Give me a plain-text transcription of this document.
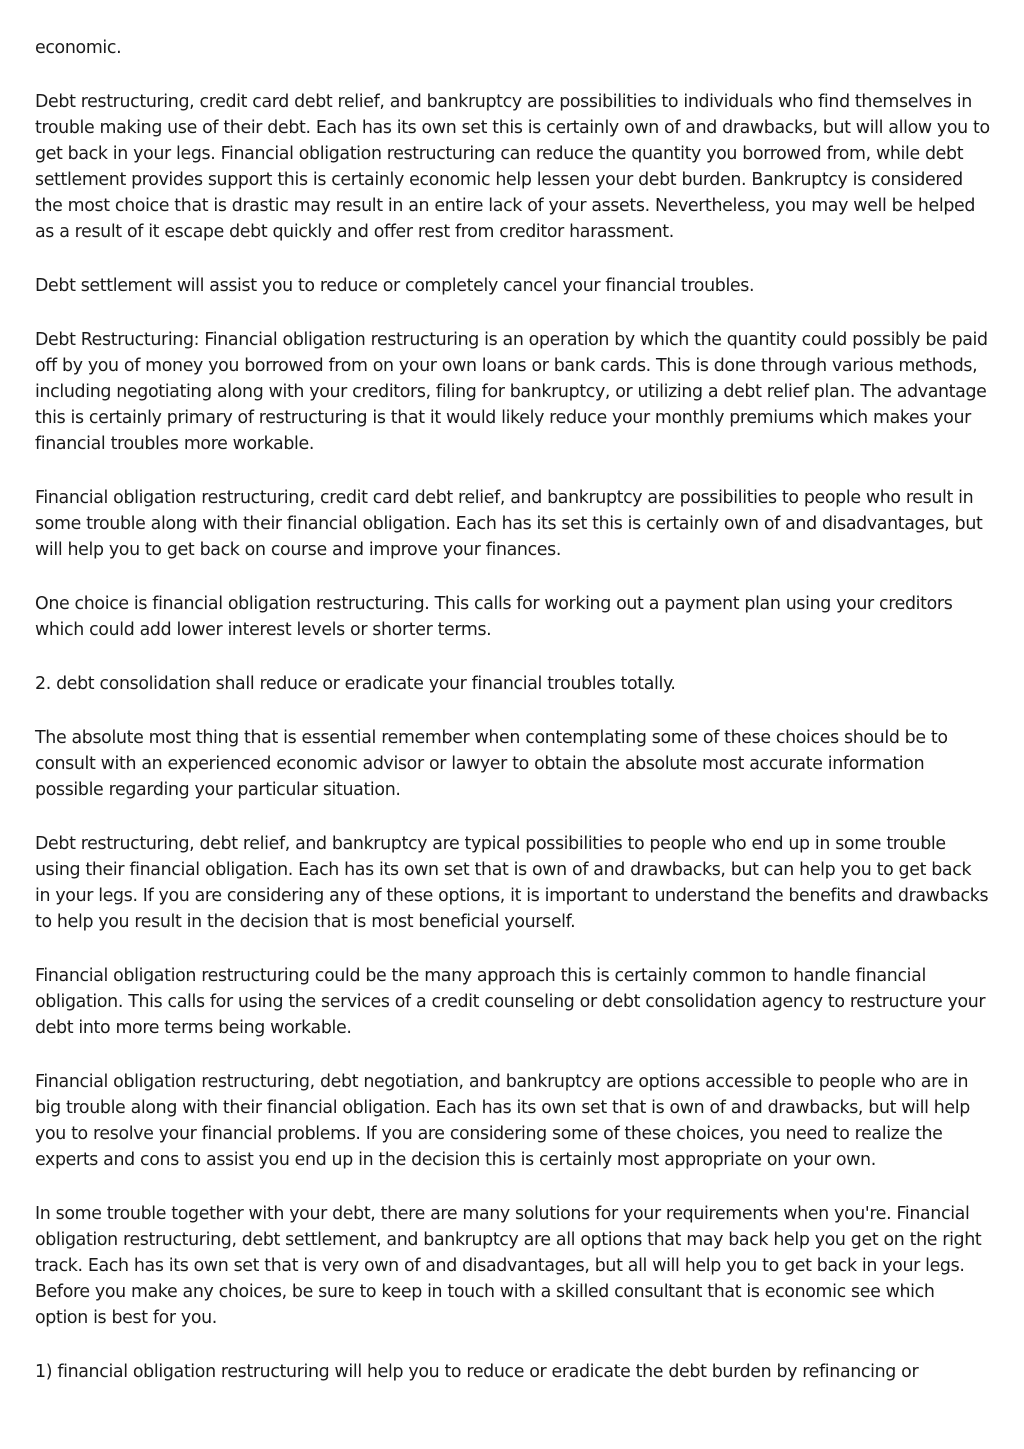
economic.

Debt restructuring, credit card debt relief, and bankruptcy are possibilities to individuals who find themselves in trouble making use of their debt. Each has its own set this is certainly own of and drawbacks, but will allow you to get back in your legs. Financial obligation restructuring can reduce the quantity you borrowed from, while debt settlement provides support this is certainly economic help lessen your debt burden. Bankruptcy is considered the most choice that is drastic may result in an entire lack of your assets. Nevertheless, you may well be helped as a result of it escape debt quickly and offer rest from creditor harassment.

Debt settlement will assist you to reduce or completely cancel your financial troubles.

Debt Restructuring: Financial obligation restructuring is an operation by which the quantity could possibly be paid off by you of money you borrowed from on your own loans or bank cards. This is done through various methods, including negotiating along with your creditors, filing for bankruptcy, or utilizing a debt relief plan. The advantage this is certainly primary of restructuring is that it would likely reduce your monthly premiums which makes your financial troubles more workable.

Financial obligation restructuring, credit card debt relief, and bankruptcy are possibilities to people who result in some trouble along with their financial obligation. Each has its set this is certainly own of and disadvantages, but will help you to get back on course and improve your finances.

One choice is financial obligation restructuring. This calls for working out a payment plan using your creditors which could add lower interest levels or shorter terms.

2. debt consolidation shall reduce or eradicate your financial troubles totally.

The absolute most thing that is essential remember when contemplating some of these choices should be to consult with an experienced economic advisor or lawyer to obtain the absolute most accurate information possible regarding your particular situation.

Debt restructuring, debt relief, and bankruptcy are typical possibilities to people who end up in some trouble using their financial obligation. Each has its own set that is own of and drawbacks, but can help you to get back in your legs. If you are considering any of these options, it is important to understand the benefits and drawbacks to help you result in the decision that is most beneficial yourself.

Financial obligation restructuring could be the many approach this is certainly common to handle financial obligation. This calls for using the services of a credit counseling or debt consolidation agency to restructure your debt into more terms being workable.

Financial obligation restructuring, debt negotiation, and bankruptcy are options accessible to people who are in big trouble along with their financial obligation. Each has its own set that is own of and drawbacks, but will help you to resolve your financial problems. If you are considering some of these choices, you need to realize the experts and cons to assist you end up in the decision this is certainly most appropriate on your own.

In some trouble together with your debt, there are many solutions for your requirements when you're. Financial obligation restructuring, debt settlement, and bankruptcy are all options that may back help you get on the right track. Each has its own set that is very own of and disadvantages, but all will help you to get back in your legs. Before you make any choices, be sure to keep in touch with a skilled consultant that is economic see which option is best for you.

1) financial obligation restructuring will help you to reduce or eradicate the debt burden by refinancing or
